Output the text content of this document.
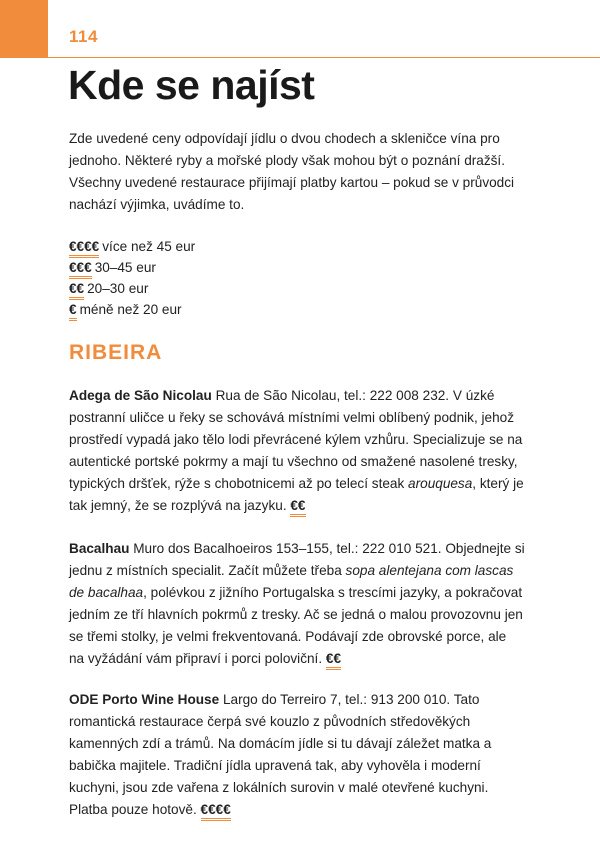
114
Kde se najíst

Zde uvedené ceny odpovídají jídlu o dvou chodech a skleničce vína pro jednoho. Některé ryby a mořské plody však mohou být o poznání dražší. Všechny uvedené restaurace přijímají platby kartou – pokud se v průvodci nachází výjimka, uvádíme to.

€€€€ více než 45 eur
€€€ 30–45 eur
€€ 20–30 eur
€ méně než 20 eur
RIBEIRA

Adega de São Nicolau Rua de São Nicolau, tel.: 222 008 232. V úzké postranní uličce u řeky se schovává místními velmi oblíbený podnik, jehož prostředí vypadá jako tělo lodi převrácené kýlem vzhůru. Specializuje se na autentické portské pokrmy a mají tu všechno od smažené nasolené tresky, typických dršťek, rýže s chobotnicemi až po telecí steak arouquesa, který je tak jemný, že se rozplývá na jazyku. €€

Bacalhau Muro dos Bacalhoeiros 153–155, tel.: 222 010 521. Objednejte si jednu z místních specialit. Začít můžete třeba sopa alentejana com lascas de bacalhaa, polévkou z jižního Portugalska s trescími jazyky, a pokračovat jedním ze tří hlavních pokrmů z tresky. Ač se jedná o malou provozovnu jen se třemi stolky, je velmi frekventovaná. Podávají zde obrovské porce, ale na vyžádání vám připraví i porci poloviční. €€

ODE Porto Wine House Largo do Terreiro 7, tel.: 913 200 010. Tato romantická restaurace čerpá své kouzlo z původních středověkých kamenných zdí a trámů. Na domácím jídle si tu dávají záležet matka a babička majitele. Tradiční jídla upravená tak, aby vyhověla i moderní kuchyni, jsou zde vařena z lokálních surovin v malé otevřené kuchyni. Platba pouze hotově. €€€€
